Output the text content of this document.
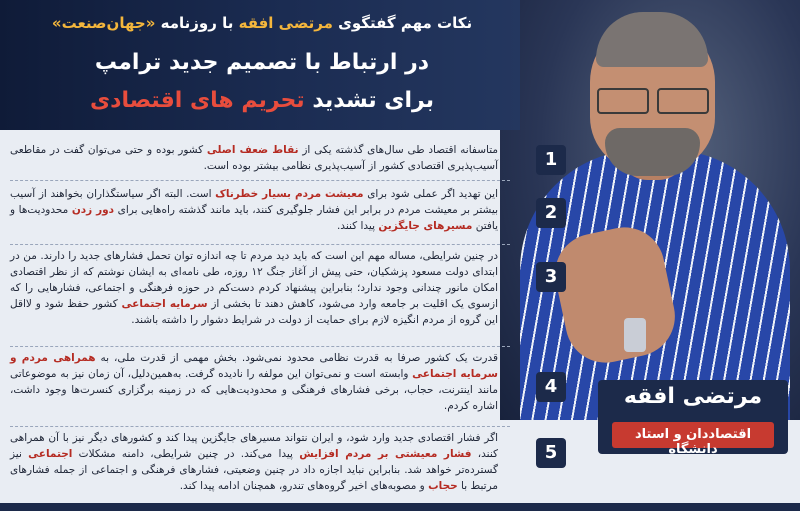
نکات مهم گفتگوی مرتضی افقه با روزنامه «جهان‌صنعت»
در ارتباط با تصمیم جدید ترامپ
برای تشدید تحریم های اقتصادی
مرتضی افقه
اقتصاددان و استاد دانشگاه
1
متاسفانه اقتصاد طی سال‌های گذشته یکی از نقاط ضعف اصلی کشور بوده و حتی می‌توان گفت در مقاطعی آسیب‌پذیری اقتصادی کشور از آسیب‌پذیری نظامی بیشتر بوده است.
2
این تهدید اگر عملی شود برای معیشت مردم بسیار خطرناک است. البته اگر سیاستگذاران بخواهند از آسیب بیشتر بر معیشت مردم در برابر این فشار جلوگیری کنند، باید مانند گذشته راه‌هایی برای دور زدن محدودیت‌ها و یافتن مسیرهای جایگزین پیدا کنند.
3
در چنین شرایطی، مساله مهم این است که باید دید مردم تا چه اندازه توان تحمل فشارهای جدید را دارند. من در ابتدای دولت مسعود پزشکیان، حتی پیش از آغاز جنگ ۱۲ روزه، طی نامه‌ای به ایشان نوشتم که از نظر اقتصادی امکان مانور چندانی وجود ندارد؛ بنابراین پیشنهاد کردم دست‌کم در حوزه فرهنگی و اجتماعی، فشارهایی را که ازسوی یک اقلیت بر جامعه وارد می‌شود، کاهش دهند تا بخشی از سرمایه اجتماعی کشور حفظ شود و لااقل این گروه از مردم انگیزه لازم برای حمایت از دولت در شرایط دشوار را داشته باشند.
4
قدرت یک کشور صرفا به قدرت نظامی محدود نمی‌شود. بخش مهمی از قدرت ملی، به همراهی مردم و سرمایه اجتماعی وابسته است و نمی‌توان این مولفه را نادیده گرفت. به‌همین‌دلیل، آن زمان نیز به موضوعاتی مانند اینترنت، حجاب، برخی فشارهای فرهنگی و محدودیت‌هایی که در زمینه برگزاری کنسرت‌ها وجود داشت، اشاره کردم.
5
اگر فشار اقتصادی جدید وارد شود، و ایران نتواند مسیرهای جایگزین پیدا کند و کشورهای دیگر نیز با آن همراهی کنند، فشار معیشتی بر مردم افزایش پیدا می‌کند. در چنین شرایطی، دامنه مشکلات اجتماعی نیز گسترده‌تر خواهد شد. بنابراین نباید اجازه داد در چنین وضعیتی، فشارهای فرهنگی و اجتماعی از جمله فشارهای مرتبط با حجاب و مصوبه‌های اخیر گروه‌های تندرو، همچنان ادامه پیدا کند.
